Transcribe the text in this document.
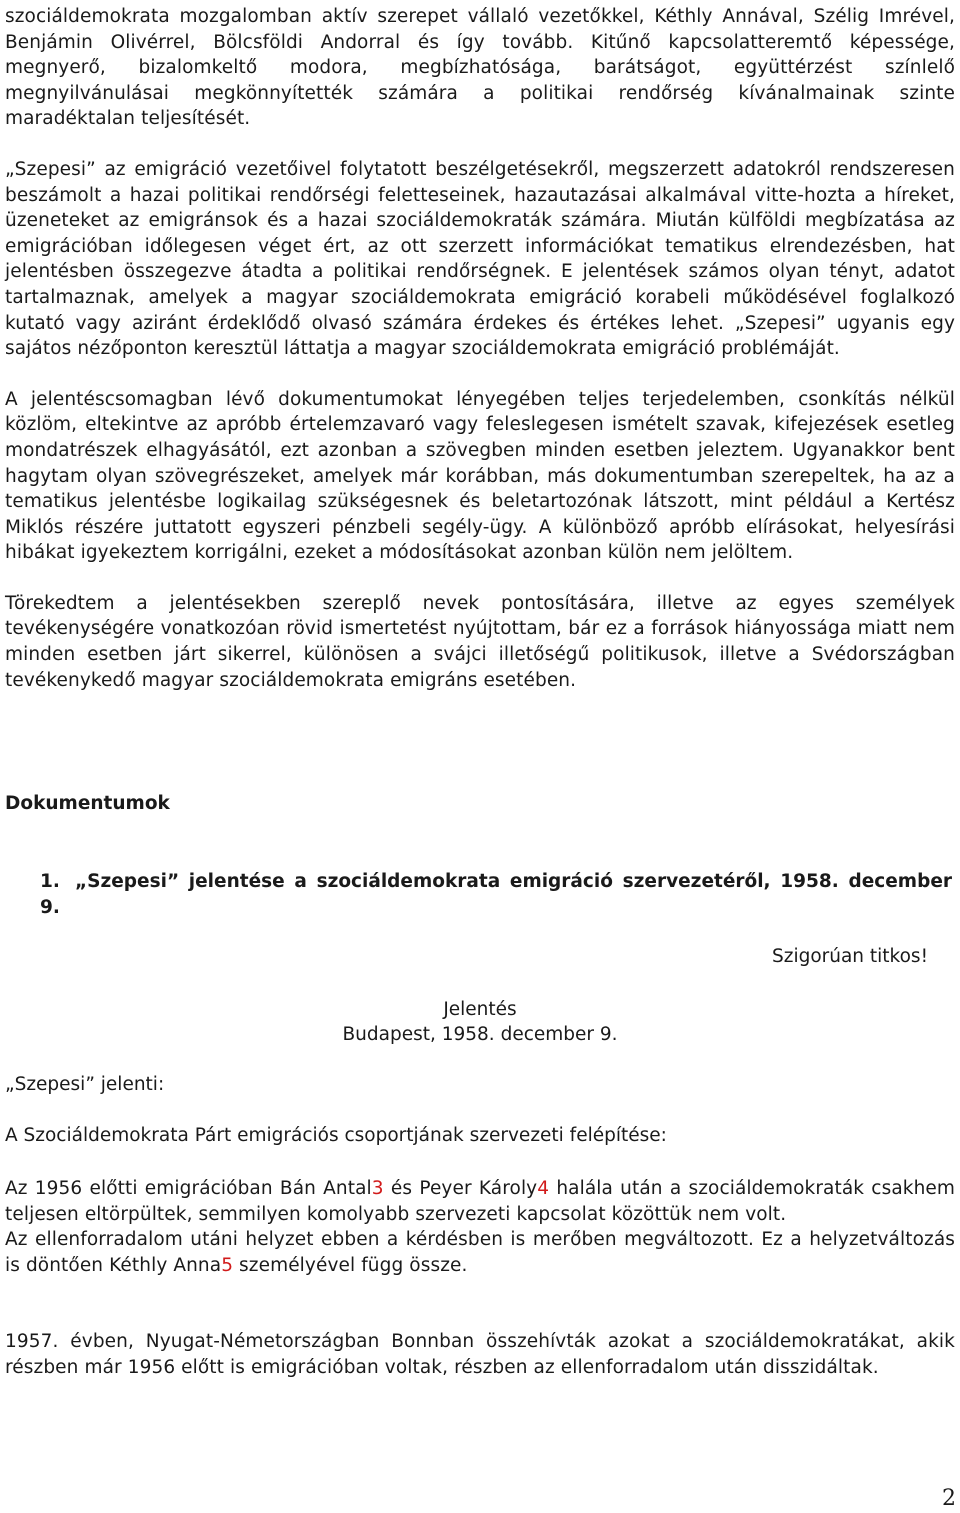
szociáldemokrata mozgalomban aktív szerepet vállaló vezetőkkel, Kéthly Annával, Szélig Imrével, Benjámin Olivérrel, Bölcsföldi Andorral és így tovább. Kitűnő kapcsolatteremtő képessége, megnyerő, bizalomkeltő modora, megbízhatósága, barátságot, együttérzést színlelő megnyilvánulásai megkönnyítették számára a politikai rendőrség kívánalmainak szinte maradéktalan teljesítését.

„Szepesi” az emigráció vezetőivel folytatott beszélgetésekről, megszerzett adatokról rendszeresen beszámolt a hazai politikai rendőrségi feletteseinek, hazautazásai alkalmával vitte-hozta a híreket, üzeneteket az emigránsok és a hazai szociáldemokraták számára. Miután külföldi megbízatása az emigrációban időlegesen véget ért, az ott szerzett információkat tematikus elrendezésben, hat jelentésben összegezve átadta a politikai rendőrségnek. E jelentések számos olyan tényt, adatot tartalmaznak, amelyek a magyar szociáldemokrata emigráció korabeli működésével foglalkozó kutató vagy aziránt érdeklődő olvasó számára érdekes és értékes lehet. „Szepesi” ugyanis egy sajátos nézőponton keresztül láttatja a magyar szociáldemokrata emigráció problémáját.

A jelentéscsomagban lévő dokumentumokat lényegében teljes terjedelemben, csonkítás nélkül közlöm, eltekintve az apróbb értelemzavaró vagy feleslegesen ismételt szavak, kifejezések esetleg mondatrészek elhagyásától, ezt azonban a szövegben minden esetben jeleztem. Ugyanakkor bent hagytam olyan szövegrészeket, amelyek már korábban, más dokumentumban szerepeltek, ha az a tematikus jelentésbe logikailag szükségesnek és beletartozónak látszott, mint például a Kertész Miklós részére juttatott egyszeri pénzbeli segély-ügy. A különböző apróbb elírásokat, helyesírási hibákat igyekeztem korrigálni, ezeket a módosításokat azonban külön nem jelöltem.

Törekedtem a jelentésekben szereplő nevek pontosítására, illetve az egyes személyek tevékenységére vonatkozóan rövid ismertetést nyújtottam, bár ez a források hiányossága miatt nem minden esetben járt sikerrel, különösen a svájci illetőségű politikusok, illetve a Svédországban tevékenykedő magyar szociáldemokrata emigráns esetében.

Dokumentumok
1. „Szepesi” jelentése a szociáldemokrata emigráció szervezetéről, 1958. december 9.
Szigorúan titkos!
Jelentés
Budapest, 1958. december 9.
„Szepesi” jelenti:
A Szociáldemokrata Párt emigrációs csoportjának szervezeti felépítése:

Az 1956 előtti emigrációban Bán Antal3 és Peyer Károly4 halála után a szociáldemokraták csakhem teljesen eltörpültek, semmilyen komolyabb szervezeti kapcsolat közöttük nem volt.

Az ellenforradalom utáni helyzet ebben a kérdésben is merőben megváltozott. Ez a helyzetváltozás is döntően Kéthly Anna5 személyével függ össze.

1957. évben, Nyugat-Németországban Bonnban összehívták azokat a szociáldemokratákat, akik részben már 1956 előtt is emigrációban voltak, részben az ellenforradalom után disszidáltak.

2
